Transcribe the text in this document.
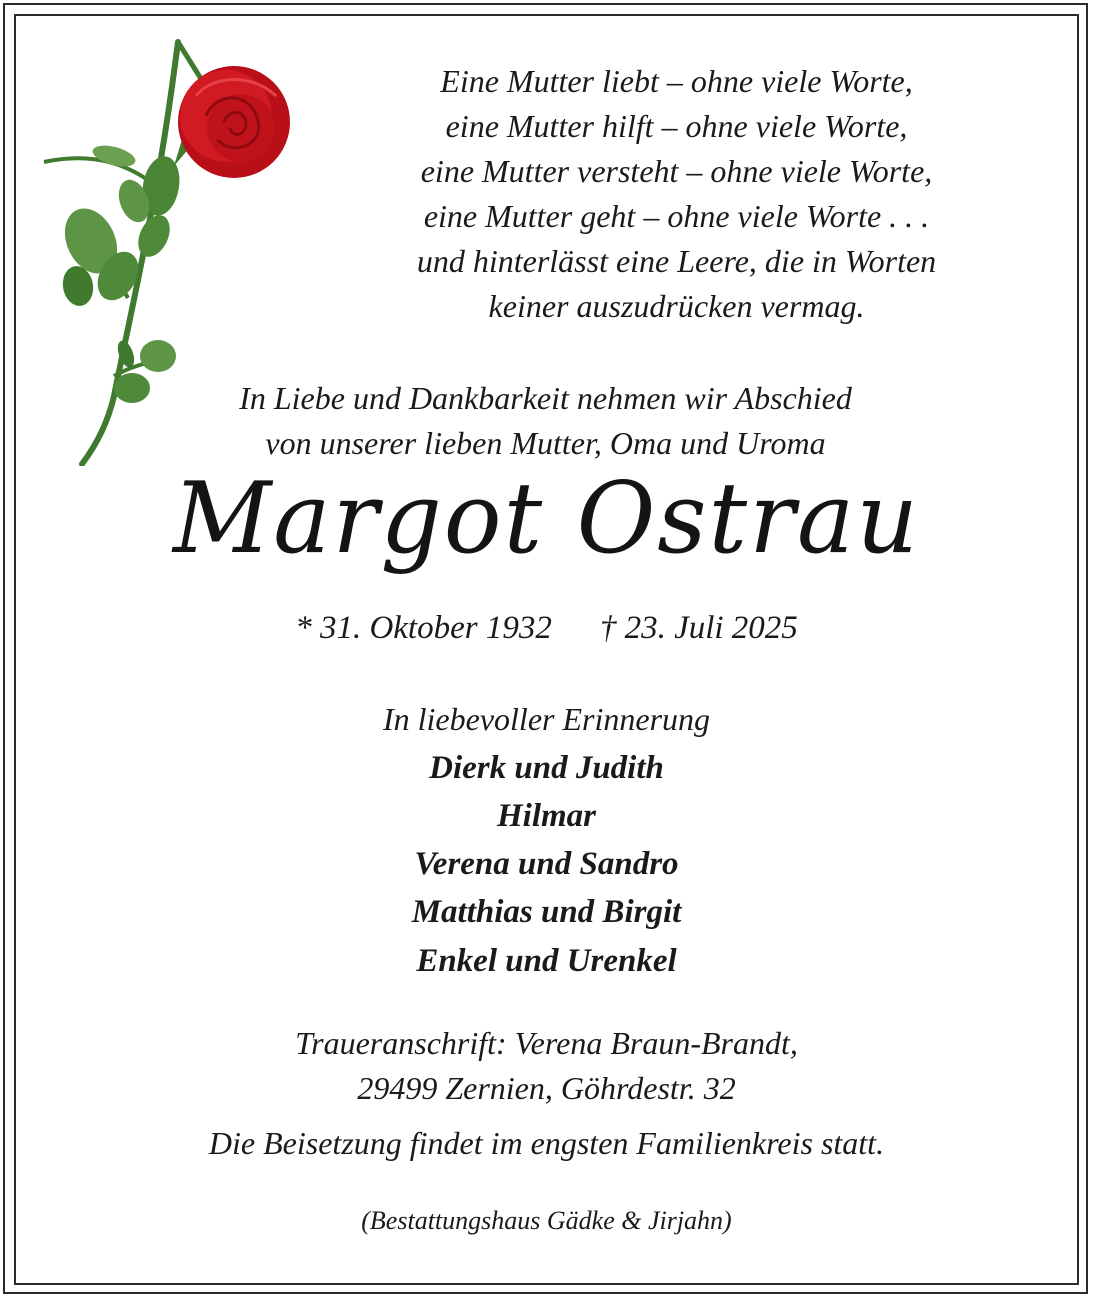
Eine Mutter liebt – ohne viele Worte,
eine Mutter hilft – ohne viele Worte,
eine Mutter versteht – ohne viele Worte,
eine Mutter geht – ohne viele Worte . . .
und hinterlässt eine Leere, die in Worten
keiner auszudrücken vermag.
In Liebe und Dankbarkeit nehmen wir Abschied
von unserer lieben Mutter, Oma und Uroma
Margot Ostrau
* 31. Oktober 1932 † 23. Juli 2025
In liebevoller Erinnerung
Dierk und Judith
Hilmar
Verena und Sandro
Matthias und Birgit
Enkel und Urenkel
Traueranschrift: Verena Braun-Brandt,
29499 Zernien, Göhrdestr. 32
Die Beisetzung findet im engsten Familienkreis statt.
(Bestattungshaus Gädke & Jirjahn)
